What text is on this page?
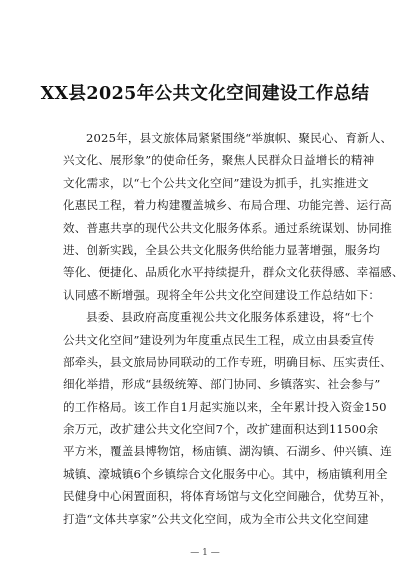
XX县2025年公共文化空间建设工作总结
2025年，县文旅体局紧紧围绕“举旗帜、聚民心、育新人、
兴文化、展形象”的使命任务，聚焦人民群众日益增长的精神
文化需求，以“七个公共文化空间”建设为抓手，扎实推进文
化惠民工程，着力构建覆盖城乡、布局合理、功能完善、运行高
效、普惠共享的现代公共文化服务体系。通过系统谋划、协同推
进、创新实践，全县公共文化服务供给能力显著增强，服务均
等化、便捷化、品质化水平持续提升，群众文化获得感、幸福感、
认同感不断增强。现将全年公共文化空间建设工作总结如下：
县委、县政府高度重视公共文化服务体系建设，将“七个
公共文化空间”建设列为年度重点民生工程，成立由县委宣传
部牵头，县文旅局协同联动的工作专班，明确目标、压实责任、
细化举措，形成“县级统筹、部门协同、乡镇落实、社会参与”
的工作格局。该工作自1月起实施以来，全年累计投入资金150
余万元，改扩建公共文化空间7个，改扩建面积达到11500余
平方米，覆盖县博物馆，杨庙镇、湖沟镇、石湖乡、仲兴镇、连
城镇、濠城镇6个乡镇综合文化服务中心。其中，杨庙镇利用全
民健身中心闲置面积，将体育场馆与文化空间融合，优势互补，
打造“文体共享家”公共文化空间，成为全市公共文化空间建
— 1 —
